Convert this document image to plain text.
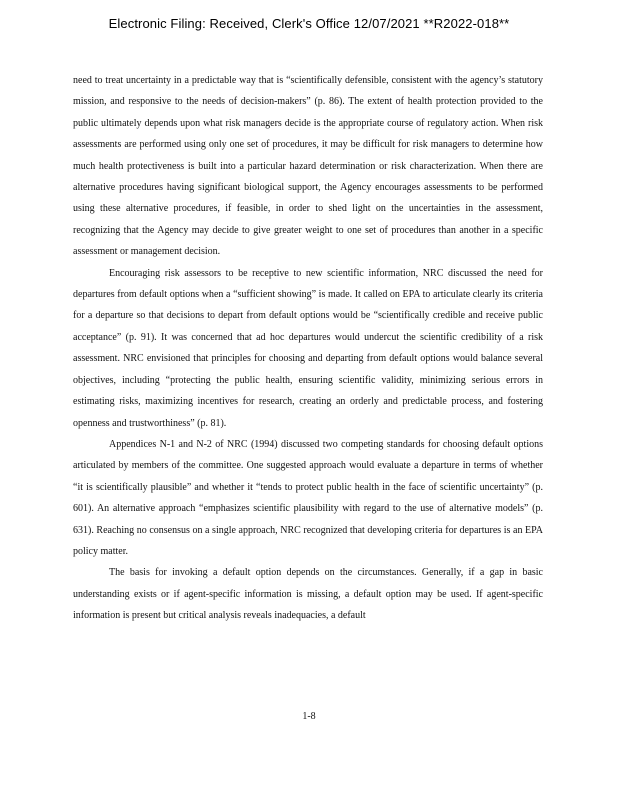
Electronic Filing: Received, Clerk's Office 12/07/2021 **R2022-018**

need to treat uncertainty in a predictable way that is “scientifically defensible, consistent with the agency’s statutory mission, and responsive to the needs of decision-makers” (p. 86). The extent of health protection provided to the public ultimately depends upon what risk managers decide is the appropriate course of regulatory action. When risk assessments are performed using only one set of procedures, it may be difficult for risk managers to determine how much health protectiveness is built into a particular hazard determination or risk characterization. When there are alternative procedures having significant biological support, the Agency encourages assessments to be performed using these alternative procedures, if feasible, in order to shed light on the uncertainties in the assessment, recognizing that the Agency may decide to give greater weight to one set of procedures than another in a specific assessment or management decision.

Encouraging risk assessors to be receptive to new scientific information, NRC discussed the need for departures from default options when a “sufficient showing” is made. It called on EPA to articulate clearly its criteria for a departure so that decisions to depart from default options would be “scientifically credible and receive public acceptance” (p. 91). It was concerned that ad hoc departures would undercut the scientific credibility of a risk assessment. NRC envisioned that principles for choosing and departing from default options would balance several objectives, including “protecting the public health, ensuring scientific validity, minimizing serious errors in estimating risks, maximizing incentives for research, creating an orderly and predictable process, and fostering openness and trustworthiness” (p. 81).

Appendices N-1 and N-2 of NRC (1994) discussed two competing standards for choosing default options articulated by members of the committee. One suggested approach would evaluate a departure in terms of whether “it is scientifically plausible” and whether it “tends to protect public health in the face of scientific uncertainty” (p. 601). An alternative approach “emphasizes scientific plausibility with regard to the use of alternative models” (p. 631). Reaching no consensus on a single approach, NRC recognized that developing criteria for departures is an EPA policy matter.

The basis for invoking a default option depends on the circumstances. Generally, if a gap in basic understanding exists or if agent-specific information is missing, a default option may be used. If agent-specific information is present but critical analysis reveals inadequacies, a default

1-8
